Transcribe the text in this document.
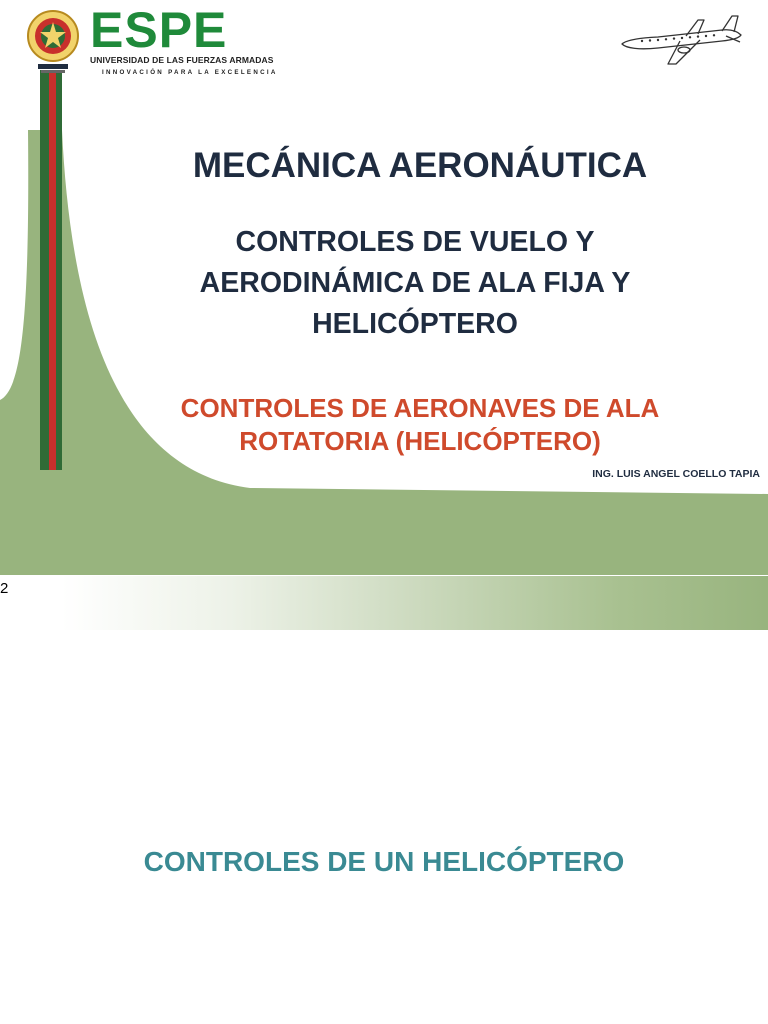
ESPE

UNIVERSIDAD DE LAS FUERZAS ARMADAS
INNOVACIÓN PARA LA EXCELENCIA
MECÁNICA AERONÁUTICA
CONTROLES DE VUELO Y AERODINÁMICA DE ALA FIJA Y HELICÓPTERO
CONTROLES DE AERONAVES DE ALA ROTATORIA (HELICÓPTERO)

ING. LUIS ANGEL COELLO TAPIA

2

CONTROLES DE UN HELICÓPTERO
